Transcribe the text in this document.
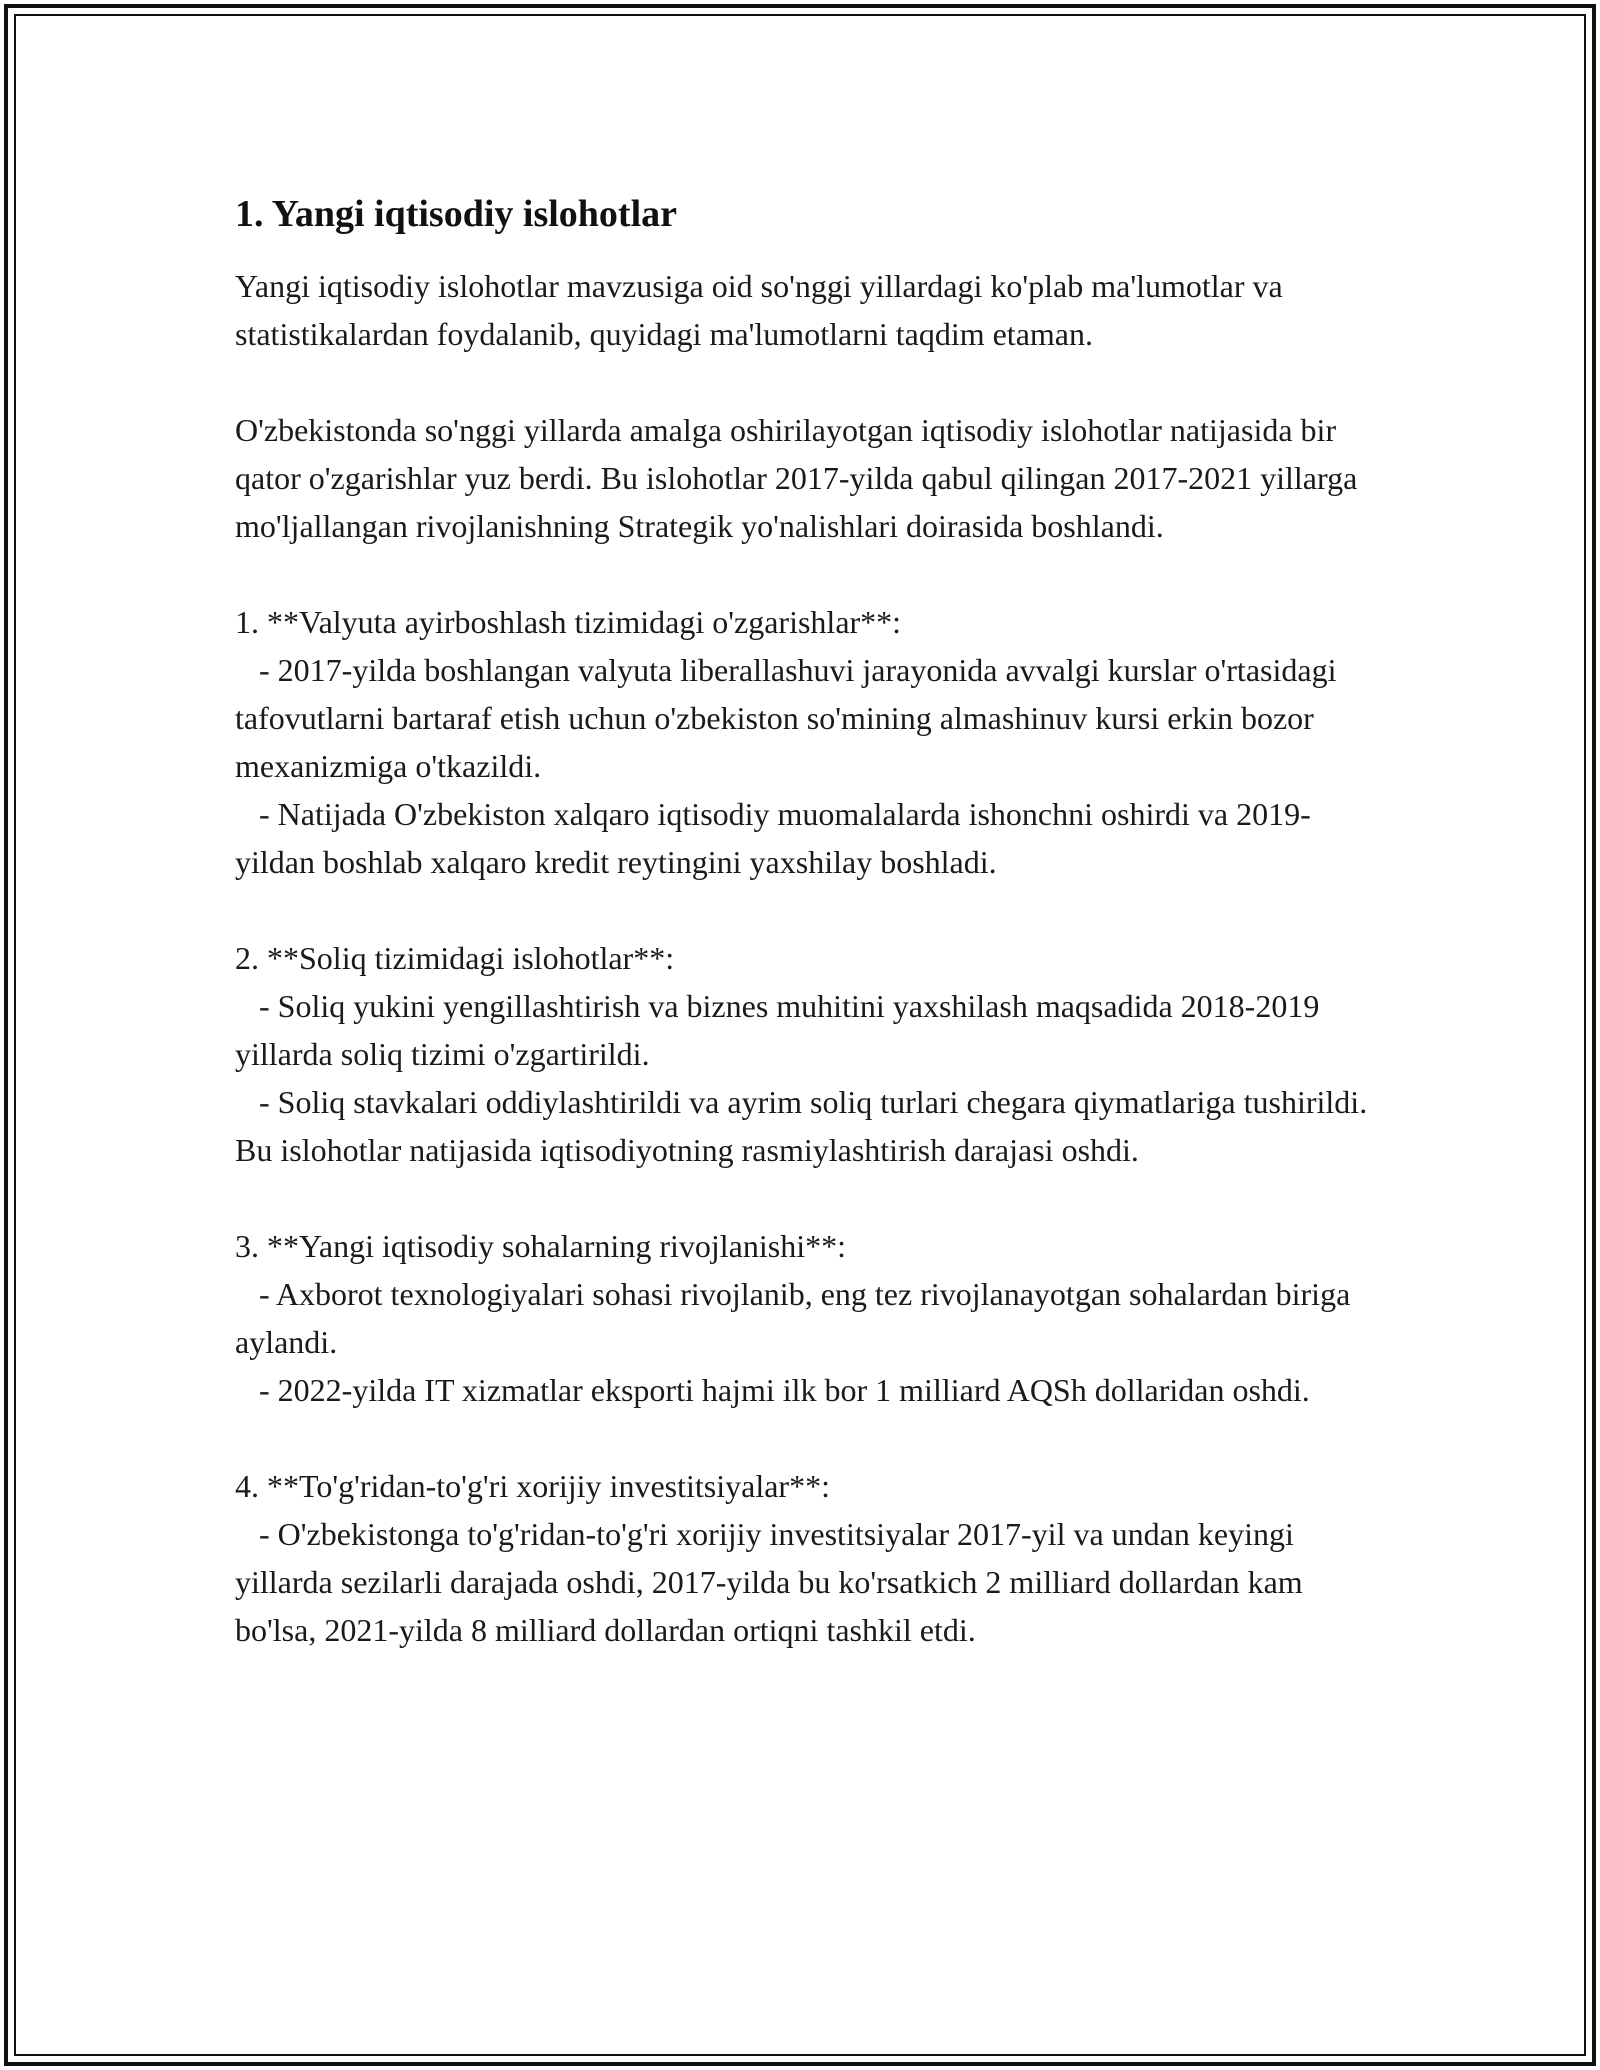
1. Yangi iqtisodiy islohotlar

Yangi iqtisodiy islohotlar mavzusiga oid so'nggi yillardagi ko'plab ma'lumotlar va statistikalardan foydalanib, quyidagi ma'lumotlarni taqdim etaman.

O'zbekistonda so'nggi yillarda amalga oshirilayotgan iqtisodiy islohotlar natijasida bir qator o'zgarishlar yuz berdi. Bu islohotlar 2017-yilda qabul qilingan 2017-2021 yillarga mo'ljallangan rivojlanishning Strategik yo'nalishlari doirasida boshlandi.

1. **Valyuta ayirboshlash tizimidagi o'zgarishlar**:
- 2017-yilda boshlangan valyuta liberallashuvi jarayonida avvalgi kurslar o'rtasidagi tafovutlarni bartaraf etish uchun o'zbekiston so'mining almashinuv kursi erkin bozor mexanizmiga o'tkazildi.
- Natijada O'zbekiston xalqaro iqtisodiy muomalalarda ishonchni oshirdi va 2019-yildan boshlab xalqaro kredit reytingini yaxshilay boshladi.

2. **Soliq tizimidagi islohotlar**:
- Soliq yukini yengillashtirish va biznes muhitini yaxshilash maqsadida 2018-2019 yillarda soliq tizimi o'zgartirildi.
- Soliq stavkalari oddiylashtirildi va ayrim soliq turlari chegara qiymatlariga tushirildi. Bu islohotlar natijasida iqtisodiyotning rasmiylashtirish darajasi oshdi.

3. **Yangi iqtisodiy sohalarning rivojlanishi**:
- Axborot texnologiyalari sohasi rivojlanib, eng tez rivojlanayotgan sohalardan biriga aylandi.
- 2022-yilda IT xizmatlar eksporti hajmi ilk bor 1 milliard AQSh dollaridan oshdi.

4. **To'g'ridan-to'g'ri xorijiy investitsiyalar**:
- O'zbekistonga to'g'ridan-to'g'ri xorijiy investitsiyalar 2017-yil va undan keyingi yillarda sezilarli darajada oshdi, 2017-yilda bu ko'rsatkich 2 milliard dollardan kam bo'lsa, 2021-yilda 8 milliard dollardan ortiqni tashkil etdi.
